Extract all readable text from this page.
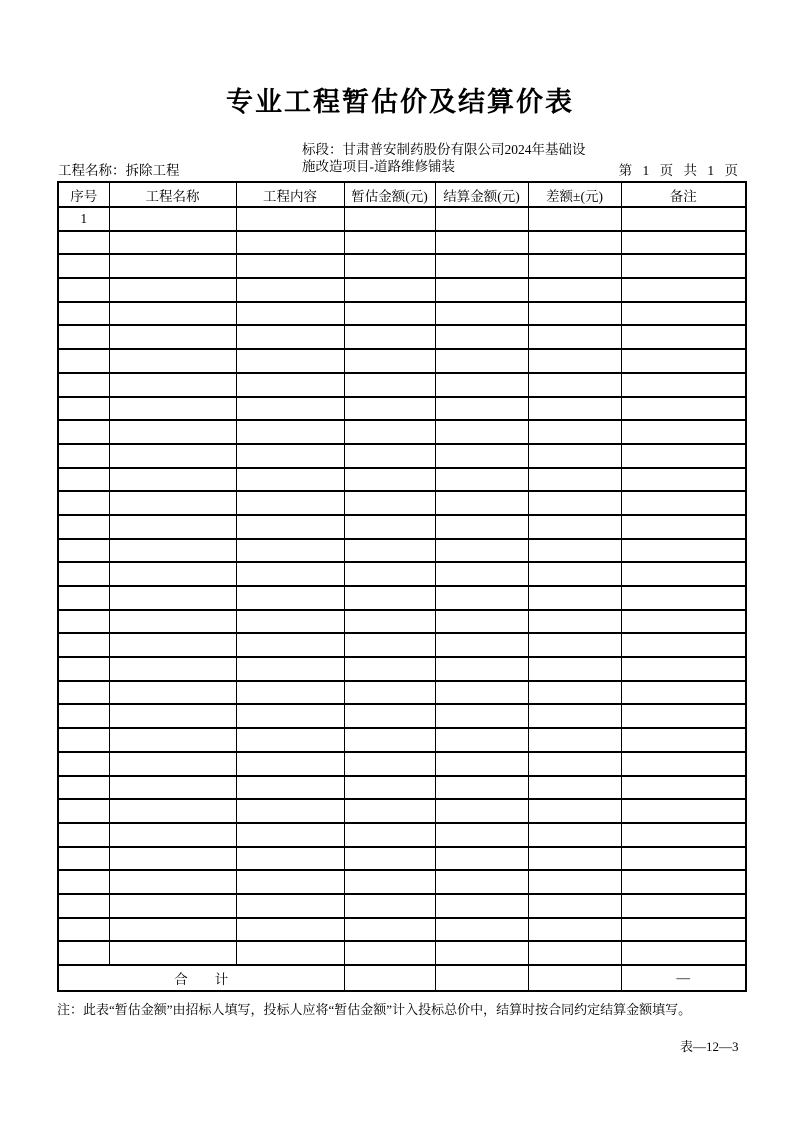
专业工程暂估价及结算价表
工程名称：拆除工程
标段：甘肃普安制药股份有限公司2024年基础设
施改造项目-道路维修铺装	第 1 页 共 1 页
序号	工程名称	工程内容	暂估金额(元)	结算金额(元)	差额±(元)	备注
1						

合　　计						—
注：此表“暂估金额”由招标人填写，投标人应将“暂估金额”计入投标总价中，结算时按合同约定结算金额填写。
表—12—3
